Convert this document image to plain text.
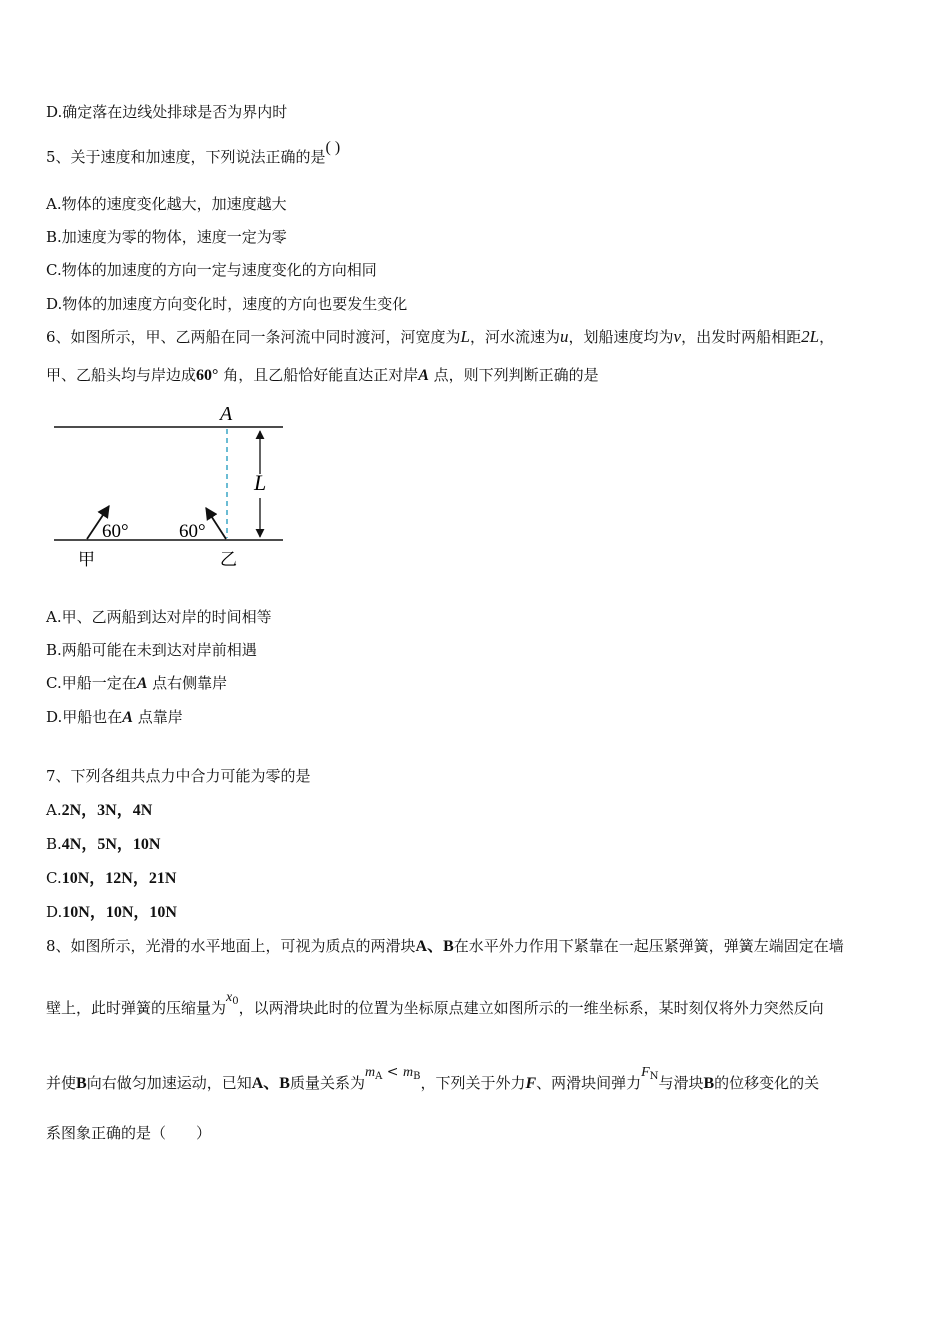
D.确定落在边线处排球是否为界内时
5、关于速度和加速度，下列说法正确的是( )
A.物体的速度变化越大，加速度越大
B.加速度为零的物体，速度一定为零
C.物体的加速度的方向一定与速度变化的方向相同
D.物体的加速度方向变化时，速度的方向也要发生变化
6、如图所示，甲、乙两船在同一条河流中同时渡河，河宽度为L，河水流速为u，划船速度均为v，出发时两船相距2L，
甲、乙船头均与岸边成60° 角，且乙船恰好能直达正对岸A 点，则下列判断正确的是
A
L
60°	60°
甲	乙
A.甲、乙两船到达对岸的时间相等
B.两船可能在未到达对岸前相遇
C.甲船一定在A 点右侧靠岸
D.甲船也在A 点靠岸
7、下列各组共点力中合力可能为零的是
A.2N，3N，4N
B.4N，5N，10N
C.10N，12N，21N
D.10N，10N，10N
8、如图所示，光滑的水平地面上，可视为质点的两滑块A、B在水平外力作用下紧靠在一起压紧弹簧，弹簧左端固定在墙
壁上，此时弹簧的压缩量为$x_0$，以两滑块此时的位置为坐标原点建立如图所示的一维坐标系，某时刻仅将外力突然反向
并使B向右做匀加速运动，已知A、B质量关系为$m_A < m_B$，下列关于外力F、两滑块间弹力$F_N$与滑块B的位移变化的关
系图象正确的是（　　）
